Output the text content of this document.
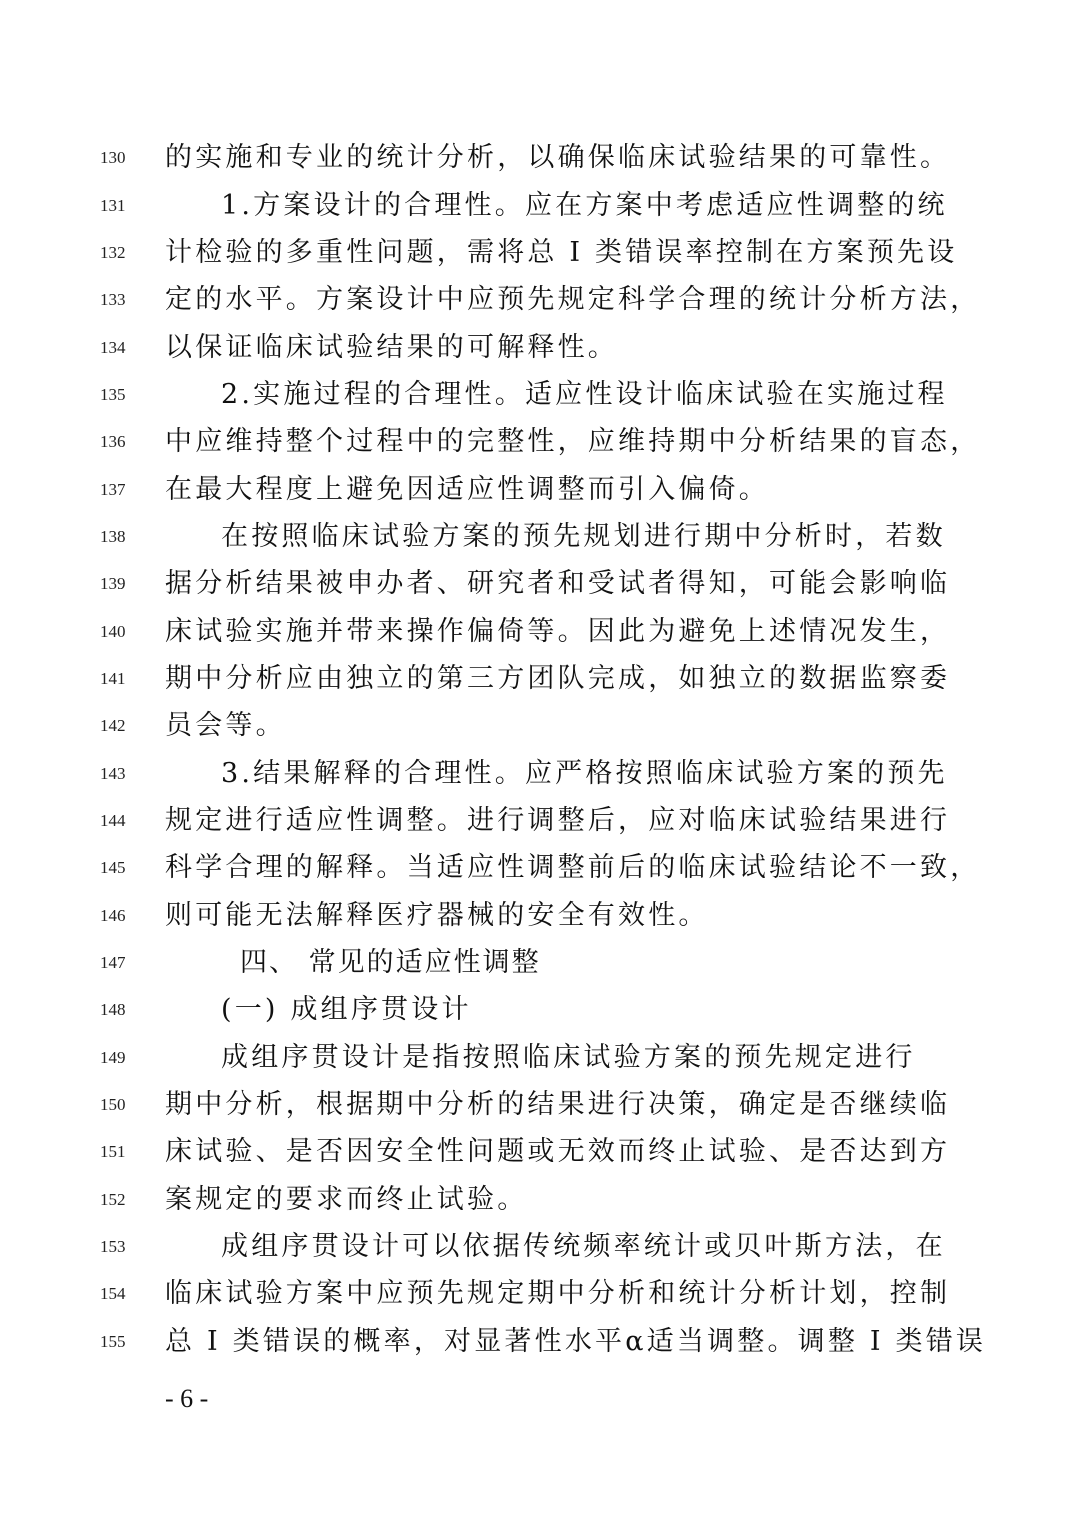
130	的实施和专业的统计分析，以确保临床试验结果的可靠性。
131	1.方案设计的合理性。应在方案中考虑适应性调整的统
132	计检验的多重性问题，需将总 I 类错误率控制在方案预先设
133	定的水平。方案设计中应预先规定科学合理的统计分析方法，
134	以保证临床试验结果的可解释性。
135	2.实施过程的合理性。适应性设计临床试验在实施过程
136	中应维持整个过程中的完整性，应维持期中分析结果的盲态，
137	在最大程度上避免因适应性调整而引入偏倚。
138	在按照临床试验方案的预先规划进行期中分析时，若数
139	据分析结果被申办者、研究者和受试者得知，可能会影响临
140	床试验实施并带来操作偏倚等。因此为避免上述情况发生，
141	期中分析应由独立的第三方团队完成，如独立的数据监察委
142	员会等。
143	3.结果解释的合理性。应严格按照临床试验方案的预先
144	规定进行适应性调整。进行调整后，应对临床试验结果进行
145	科学合理的解释。当适应性调整前后的临床试验结论不一致，
146	则可能无法解释医疗器械的安全有效性。
147	四、 常见的适应性调整
148	(一) 成组序贯设计
149	成组序贯设计是指按照临床试验方案的预先规定进行
150	期中分析，根据期中分析的结果进行决策，确定是否继续临
151	床试验、是否因安全性问题或无效而终止试验、是否达到方
152	案规定的要求而终止试验。
153	成组序贯设计可以依据传统频率统计或贝叶斯方法，在
154	临床试验方案中应预先规定期中分析和统计分析计划，控制
155	总 I 类错误的概率，对显著性水平α适当调整。调整 I 类错误
- 6 -
